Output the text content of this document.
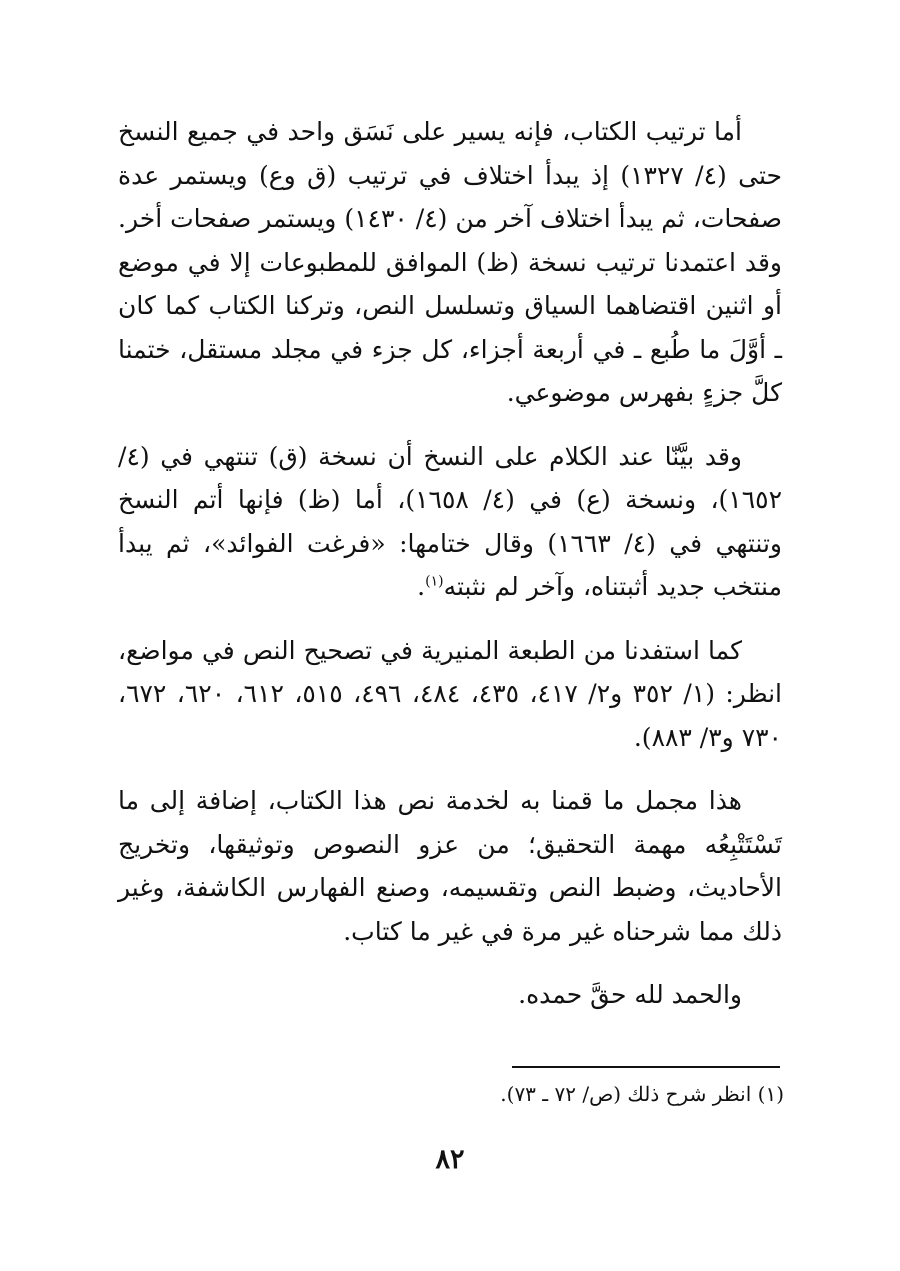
أما ترتيب الكتاب، فإنه يسير على نَسَق واحد في جميع النسخ حتى (٤/ ١٣٢٧) إذ يبدأ اختلاف في ترتيب (ق وع) ويستمر عدة صفحات، ثم يبدأ اختلاف آخر من (٤/ ١٤٣٠) ويستمر صفحات أخر. وقد اعتمدنا ترتيب نسخة (ظ) الموافق للمطبوعات إلا في موضع أو اثنين اقتضاهما السياق وتسلسل النص، وتركنا الكتاب كما كان ـ أوَّلَ ما طُبع ـ في أربعة أجزاء، كل جزء في مجلد مستقل، ختمنا كلَّ جزءٍ بفهرس موضوعي.

وقد بيَّنّا عند الكلام على النسخ أن نسخة (ق) تنتهي في (٤/ ١٦٥٢)، ونسخة (ع) في (٤/ ١٦٥٨)، أما (ظ) فإنها أتم النسخ وتنتهي في (٤/ ١٦٦٣) وقال ختامها: «فرغت الفوائد»، ثم يبدأ منتخب جديد أثبتناه، وآخر لم نثبته$^{(١)}$.

كما استفدنا من الطبعة المنيرية في تصحيح النص في مواضع، انظر: (١/ ٣٥٢ و٢/ ٤١٧، ٤٣٥، ٤٨٤، ٤٩٦، ٥١٥، ٦١٢، ٦٢٠، ٦٧٢، ٧٣٠ و٣/ ٨٨٣).

هذا مجمل ما قمنا به لخدمة نص هذا الكتاب، إضافة إلى ما تَسْتَتْبِعُه مهمة التحقيق؛ من عزو النصوص وتوثيقها، وتخريج الأحاديث، وضبط النص وتقسيمه، وصنع الفهارس الكاشفة، وغير ذلك مما شرحناه غير مرة في غير ما كتاب.

والحمد لله حقَّ حمده.

(١) انظر شرح ذلك (ص/ ٧٢ ـ ٧٣).
٨٢
